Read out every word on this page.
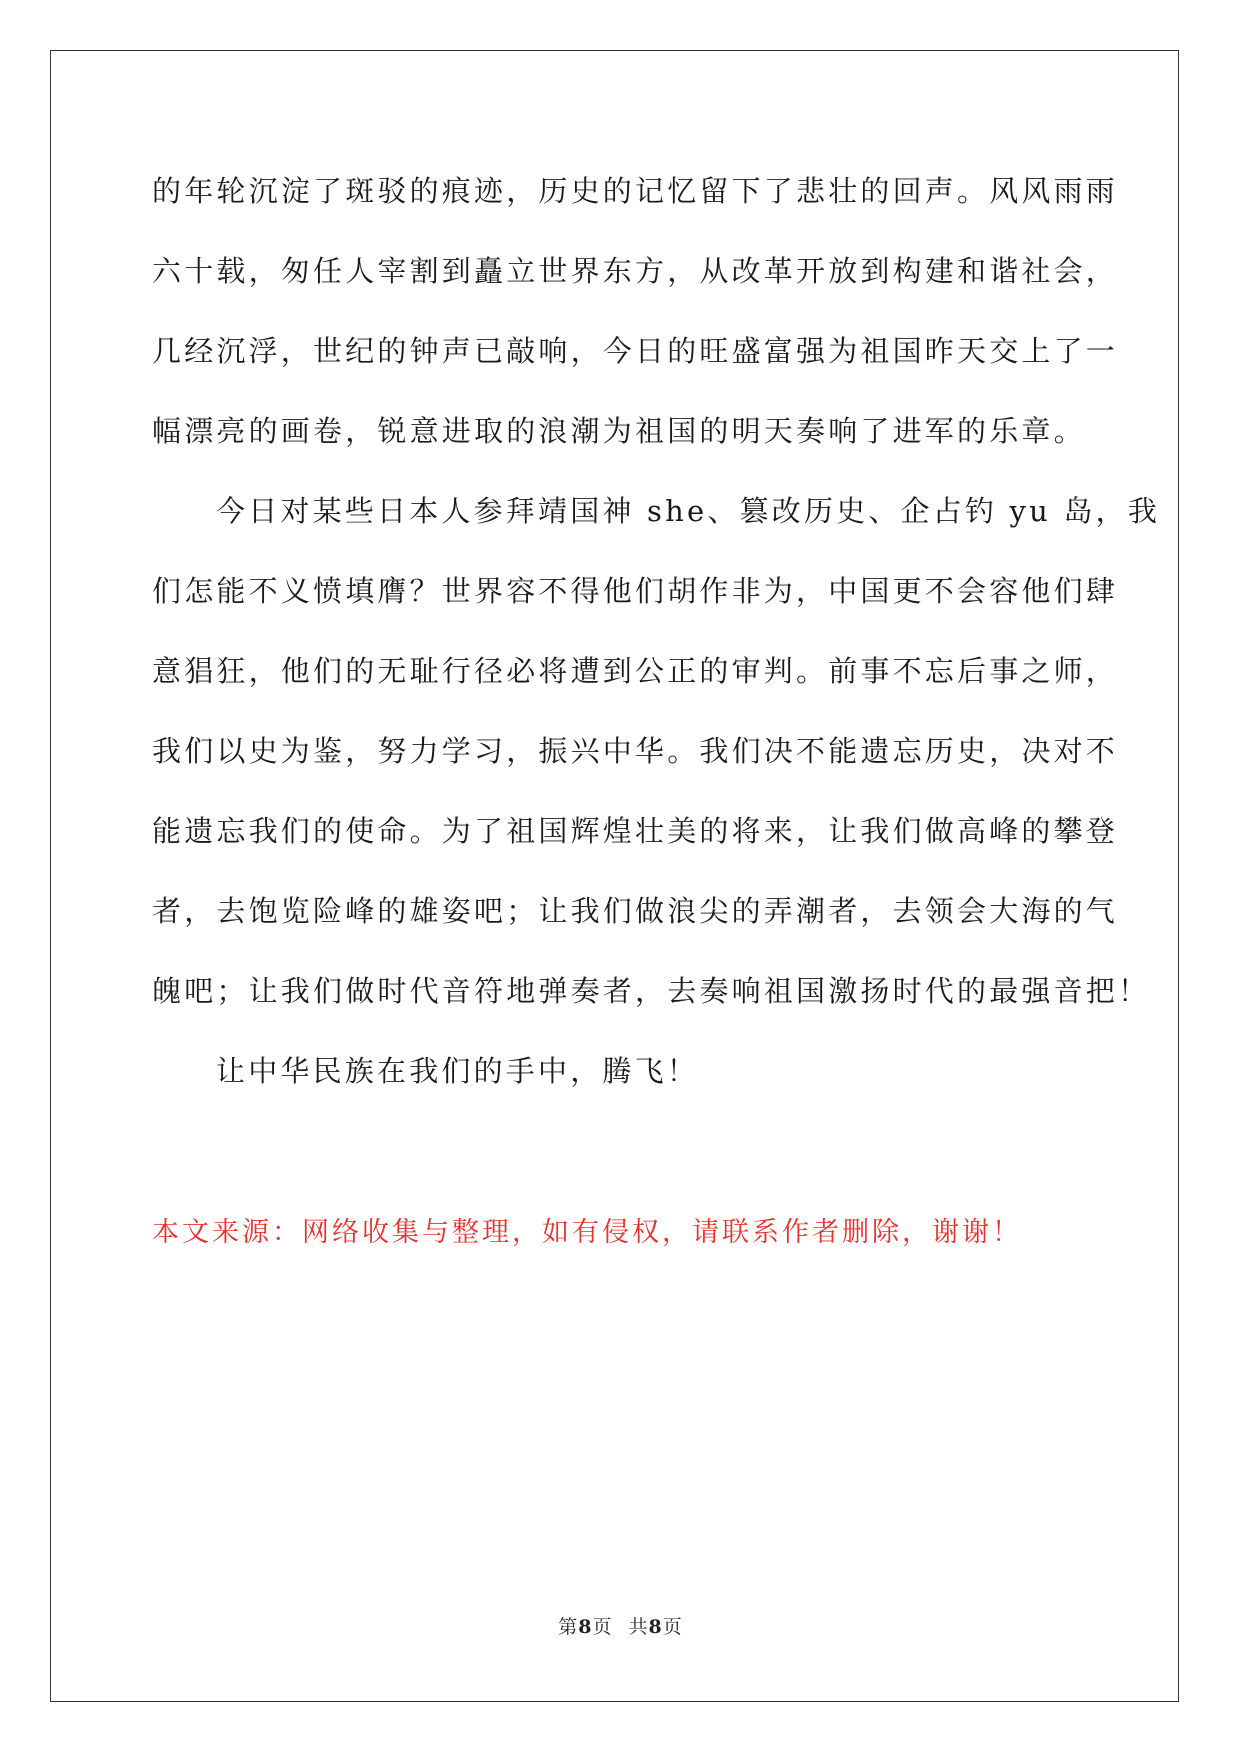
的年轮沉淀了斑驳的痕迹，历史的记忆留下了悲壮的回声。风风雨雨
六十载，匆任人宰割到矗立世界东方，从改革开放到构建和谐社会，
几经沉浮，世纪的钟声已敲响，今日的旺盛富强为祖国昨天交上了一
幅漂亮的画卷，锐意进取的浪潮为祖国的明天奏响了进军的乐章。
今日对某些日本人参拜靖国神 she、篡改历史、企占钓 yu 岛，我
们怎能不义愤填膺？世界容不得他们胡作非为，中国更不会容他们肆
意猖狂，他们的无耻行径必将遭到公正的审判。前事不忘后事之师，
我们以史为鉴，努力学习，振兴中华。我们决不能遗忘历史，决对不
能遗忘我们的使命。为了祖国辉煌壮美的将来，让我们做高峰的攀登
者，去饱览险峰的雄姿吧；让我们做浪尖的弄潮者，去领会大海的气
魄吧；让我们做时代音符地弹奏者，去奏响祖国激扬时代的最强音把！
让中华民族在我们的手中，腾飞！
本文来源：网络收集与整理，如有侵权，请联系作者删除，谢谢！
第8页 共8页
